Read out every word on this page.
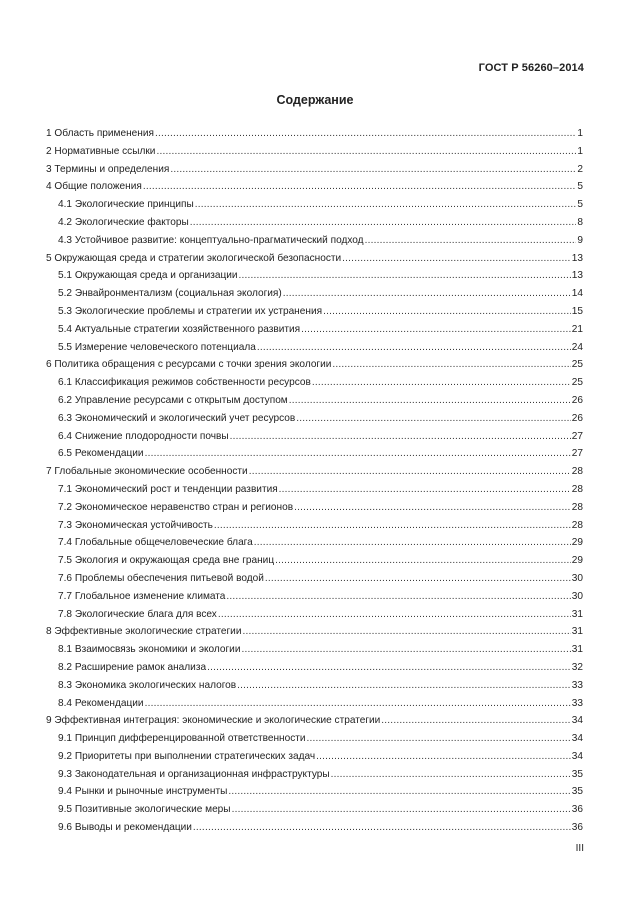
ГОСТ Р 56260–2014
Содержание
1 Область применения .....	1
2 Нормативные ссылки .....	1
3 Термины и определения .....	2
4 Общие положения .....	5
4.1 Экологические принципы .....	5
4.2 Экологические факторы .....	8
4.3 Устойчивое развитие: концептуально-прагматический подход .....	9
5 Окружающая среда и стратегии экологической безопасности .....	13
5.1 Окружающая среда и организации .....	13
5.2 Энвайронментализм (социальная экология) .....	14
5.3 Экологические проблемы и стратегии их устранения .....	15
5.4 Актуальные стратегии хозяйственного развития .....	21
5.5 Измерение человеческого потенциала .....	24
6 Политика обращения с ресурсами с точки зрения экологии .....	25
6.1 Классификация режимов собственности ресурсов .....	25
6.2 Управление ресурсами с открытым доступом .....	26
6.3 Экономический и экологический учет ресурсов .....	26
6.4 Снижение плодородности почвы .....	27
6.5 Рекомендации .....	27
7 Глобальные экономические особенности .....	28
7.1 Экономический рост и тенденции развития .....	28
7.2 Экономическое неравенство стран и регионов .....	28
7.3 Экономическая устойчивость .....	28
7.4 Глобальные общечеловеческие блага .....	29
7.5 Экология и окружающая среда вне границ .....	29
7.6 Проблемы обеспечения питьевой водой .....	30
7.7 Глобальное изменение климата .....	30
7.8 Экологические блага для всех .....	31
8 Эффективные экологические стратегии .....	31
8.1 Взаимосвязь экономики и экологии .....	31
8.2 Расширение рамок анализа .....	32
8.3 Экономика экологических налогов .....	33
8.4 Рекомендации .....	33
9 Эффективная интеграция: экономические и экологические стратегии .....	34
9.1 Принцип дифференцированной ответственности .....	34
9.2 Приоритеты при выполнении стратегических задач .....	34
9.3 Законодательная и организационная инфраструктуры .....	35
9.4 Рынки и рыночные инструменты .....	35
9.5 Позитивные экологические меры .....	36
9.6 Выводы и рекомендации .....	36
III
